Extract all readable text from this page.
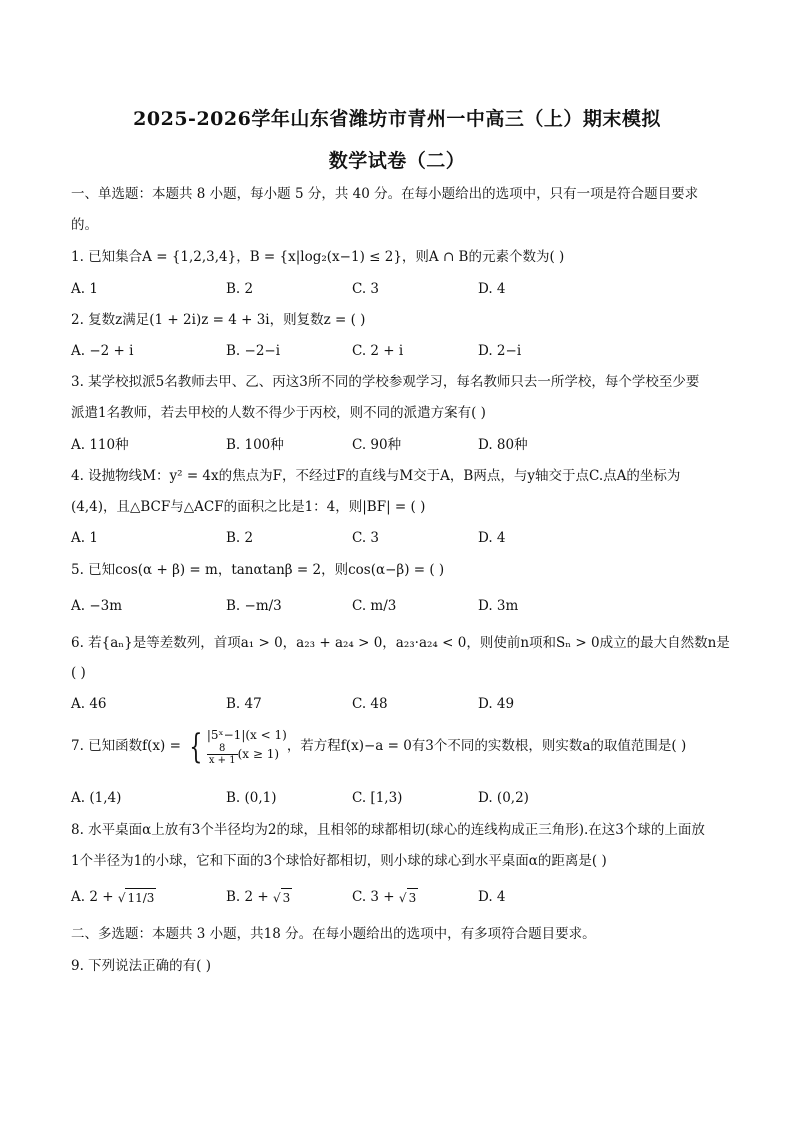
2025-2026学年山东省潍坊市青州一中高三（上）期末模拟
数学试卷（二）
一、单选题：本题共 8 小题，每小题 5 分，共 40 分。在每小题给出的选项中，只有一项是符合题目要求
的。
1. 已知集合A = {1,2,3,4}，B = {x|log₂(x−1) ≤ 2}，则A ∩ B的元素个数为( )
A. 1	B. 2	C. 3	D. 4
2. 复数z满足(1 + 2i)z = 4 + 3i，则复数z = ( )
A. −2 + i	B. −2−i	C. 2 + i	D. 2−i
3. 某学校拟派5名教师去甲、乙、丙这3所不同的学校参观学习，每名教师只去一所学校，每个学校至少要
派遣1名教师，若去甲校的人数不得少于丙校，则不同的派遣方案有( )
A. 110种	B. 100种	C. 90种	D. 80种
4. 设抛物线M：y² = 4x的焦点为F，不经过F的直线与M交于A，B两点，与y轴交于点C.点A的坐标为
(4,4)，且△BCF与△ACF的面积之比是1：4，则|BF| = ( )
A. 1	B. 2	C. 3	D. 4
5. 已知cos(α + β) = m，tanαtanβ = 2，则cos(α−β) = ( )
A. −3m	B. −m/3	C. m/3	D. 3m
6. 若{aₙ}是等差数列，首项a₁ > 0，a₂₃ + a₂₄ > 0，a₂₃·a₂₄ < 0，则使前n项和Sₙ > 0成立的最大自然数n是
( )
A. 46	B. 47	C. 48	D. 49
7. 已知函数f(x) = { |5ˣ−1|(x < 1)
$\frac{8}{x + 1} (x \ge 1)$ ，若方程f(x)−a = 0有3个不同的实数根，则实数a的取值范围是( )
A. (1,4)	B. (0,1)	C. [1,3)	D. (0,2)
8. 水平桌面α上放有3个半径均为2的球，且相邻的球都相切(球心的连线构成正三角形).在这3个球的上面放
1个半径为1的小球，它和下面的3个球恰好都相切，则小球的球心到水平桌面α的距离是( )
A. 2 + √ 11/3	B. 2 + √ 3	C. 3 + √ 3	D. 4
二、多选题：本题共 3 小题，共18 分。在每小题给出的选项中，有多项符合题目要求。
9. 下列说法正确的有( )
